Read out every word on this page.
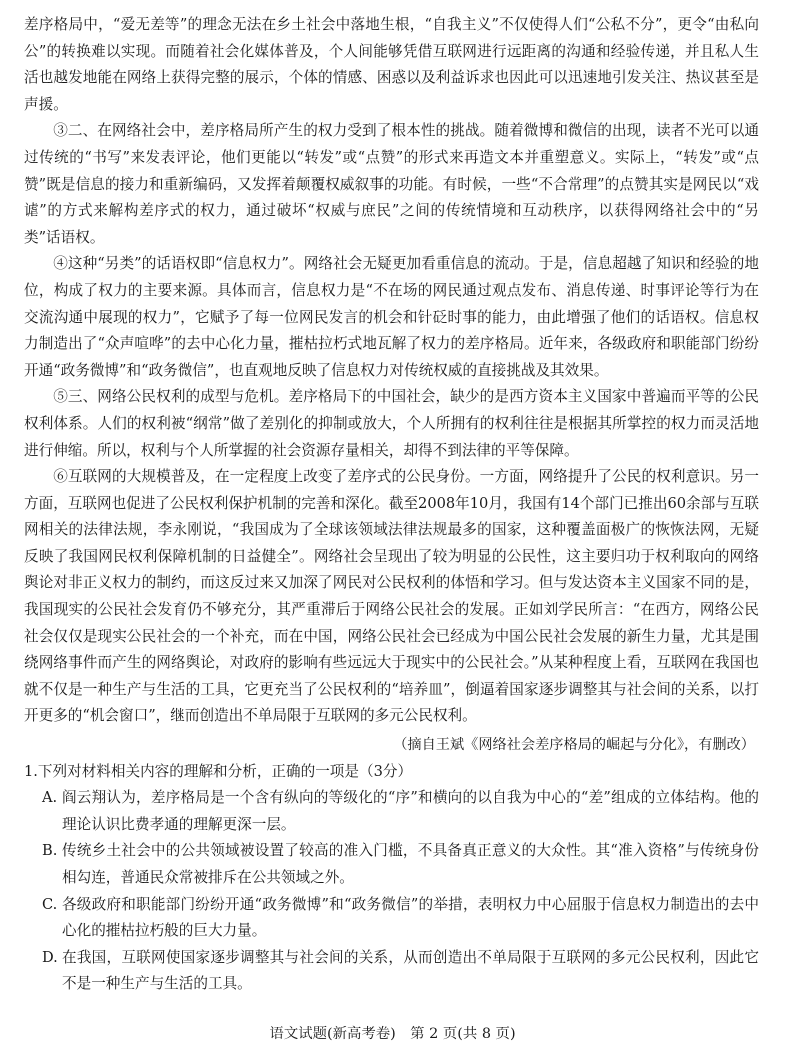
差序格局中，“爱无差等”的理念无法在乡土社会中落地生根，“自我主义”不仅使得人们“公私不分”，更令“由私向公”的转换难以实现。而随着社会化媒体普及，个人间能够凭借互联网进行远距离的沟通和经验传递，并且私人生活也越发地能在网络上获得完整的展示，个体的情感、困惑以及利益诉求也因此可以迅速地引发关注、热议甚至是声援。

③二、在网络社会中，差序格局所产生的权力受到了根本性的挑战。随着微博和微信的出现，读者不光可以通过传统的“书写”来发表评论，他们更能以“转发”或“点赞”的形式来再造文本并重塑意义。实际上，“转发”或“点赞”既是信息的接力和重新编码，又发挥着颠覆权威叙事的功能。有时候，一些“不合常理”的点赞其实是网民以“戏谑”的方式来解构差序式的权力，通过破坏“权威与庶民”之间的传统情境和互动秩序，以获得网络社会中的“另类”话语权。

④这种“另类”的话语权即“信息权力”。网络社会无疑更加看重信息的流动。于是，信息超越了知识和经验的地位，构成了权力的主要来源。具体而言，信息权力是“不在场的网民通过观点发布、消息传递、时事评论等行为在交流沟通中展现的权力”，它赋予了每一位网民发言的机会和针砭时事的能力，由此增强了他们的话语权。信息权力制造出了“众声喧哗”的去中心化力量，摧枯拉朽式地瓦解了权力的差序格局。近年来，各级政府和职能部门纷纷开通“政务微博”和“政务微信”，也直观地反映了信息权力对传统权威的直接挑战及其效果。

⑤三、网络公民权利的成型与危机。差序格局下的中国社会，缺少的是西方资本主义国家中普遍而平等的公民权利体系。人们的权利被“纲常”做了差别化的抑制或放大，个人所拥有的权利往往是根据其所掌控的权力而灵活地进行伸缩。所以，权利与个人所掌握的社会资源存量相关，却得不到法律的平等保障。

⑥互联网的大规模普及，在一定程度上改变了差序式的公民身份。一方面，网络提升了公民的权利意识。另一方面，互联网也促进了公民权利保护机制的完善和深化。截至2008年10月，我国有14个部门已推出60余部与互联网相关的法律法规，李永刚说，“我国成为了全球该领域法律法规最多的国家，这种覆盖面极广的恢恢法网，无疑反映了我国网民权利保障机制的日益健全”。网络社会呈现出了较为明显的公民性，这主要归功于权利取向的网络舆论对非正义权力的制约，而这反过来又加深了网民对公民权利的体悟和学习。但与发达资本主义国家不同的是，我国现实的公民社会发育仍不够充分，其严重滞后于网络公民社会的发展。正如刘学民所言：“在西方，网络公民社会仅仅是现实公民社会的一个补充，而在中国，网络公民社会已经成为中国公民社会发展的新生力量，尤其是围绕网络事件而产生的网络舆论，对政府的影响有些远远大于现实中的公民社会。”从某种程度上看，互联网在我国也就不仅是一种生产与生活的工具，它更充当了公民权利的“培养皿”，倒逼着国家逐步调整其与社会间的关系，以打开更多的“机会窗口”，继而创造出不单局限于互联网的多元公民权利。

（摘自王斌《网络社会差序格局的崛起与分化》，有删改）

1.下列对材料相关内容的理解和分析，正确的一项是（3分）

A. 阎云翔认为，差序格局是一个含有纵向的等级化的“序”和横向的以自我为中心的“差”组成的立体结构。他的理论认识比费孝通的理解更深一层。
B. 传统乡土社会中的公共领域被设置了较高的准入门槛，不具备真正意义的大众性。其“准入资格”与传统身份相勾连，普通民众常被排斥在公共领域之外。
C. 各级政府和职能部门纷纷开通“政务微博”和“政务微信”的举措，表明权力中心屈服于信息权力制造出的去中心化的摧枯拉朽般的巨大力量。
D. 在我国，互联网使国家逐步调整其与社会间的关系，从而创造出不单局限于互联网的多元公民权利，因此它不是一种生产与生活的工具。
语文试题(新高考卷)　第 2 页(共 8 页)
